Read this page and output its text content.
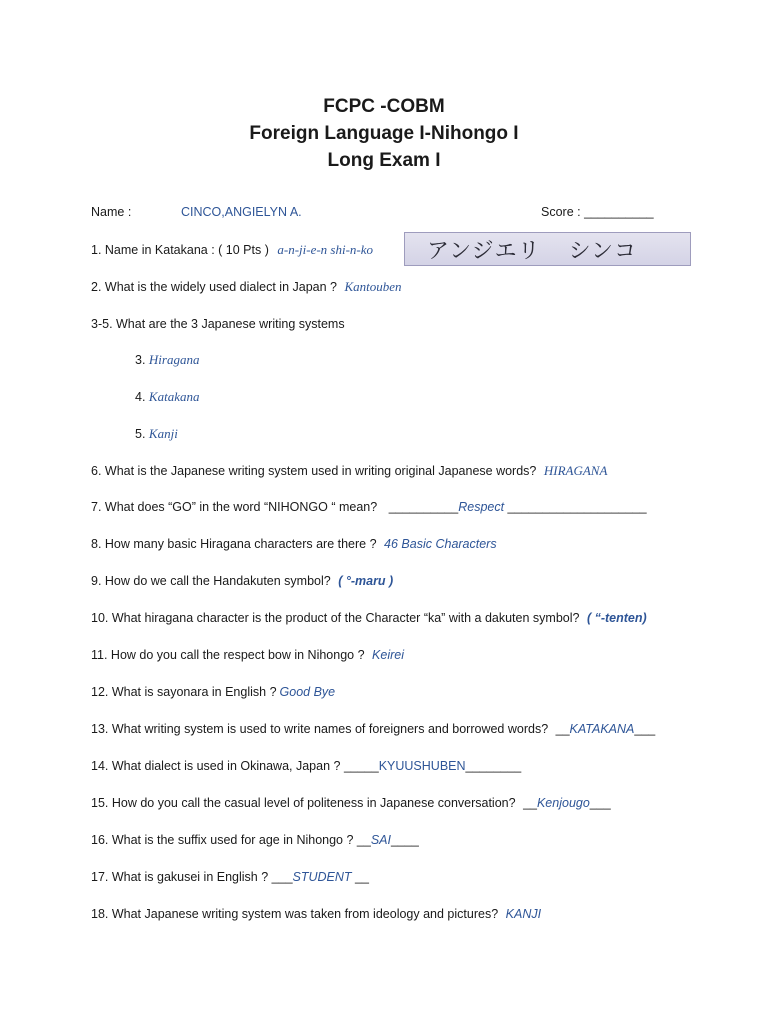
FCPC -COBM
Foreign Language I-Nihongo I
Long Exam I
Name :	CINCO,ANGIELYN A.	Score : __________
1. Name in Katakana : ( 10 Pts ) a-n-ji-e-n shi-n-ko アンジエリ シンコ
2. What is the widely used dialect in Japan ? Kantouben
3-5. What are the 3 Japanese writing systems
3. Hiragana
4. Katakana
5. Kanji
6. What is the Japanese writing system used in writing original Japanese words? HIRAGANA
7. What does “GO” in the word “NIHONGO “ mean? __________Respect ____________________
8. How many basic Hiragana characters are there ? 46 Basic Characters
9. How do we call the Handakuten symbol? ( °-maru )
10. What hiragana character is the product of the Character “ka” with a dakuten symbol? ( “-tenten)
11. How do you call the respect bow in Nihongo ? Keirei
12. What is sayonara in English ? Good Bye
13. What writing system is used to write names of foreigners and borrowed words? __KATAKANA___
14. What dialect is used in Okinawa, Japan ? _____KYUUSHUBEN________
15. How do you call the casual level of politeness in Japanese conversation? __Kenjougo___
16. What is the suffix used for age in Nihongo ? __SAI____
17. What is gakusei in English ? ___STUDENT __
18. What Japanese writing system was taken from ideology and pictures? KANJI
